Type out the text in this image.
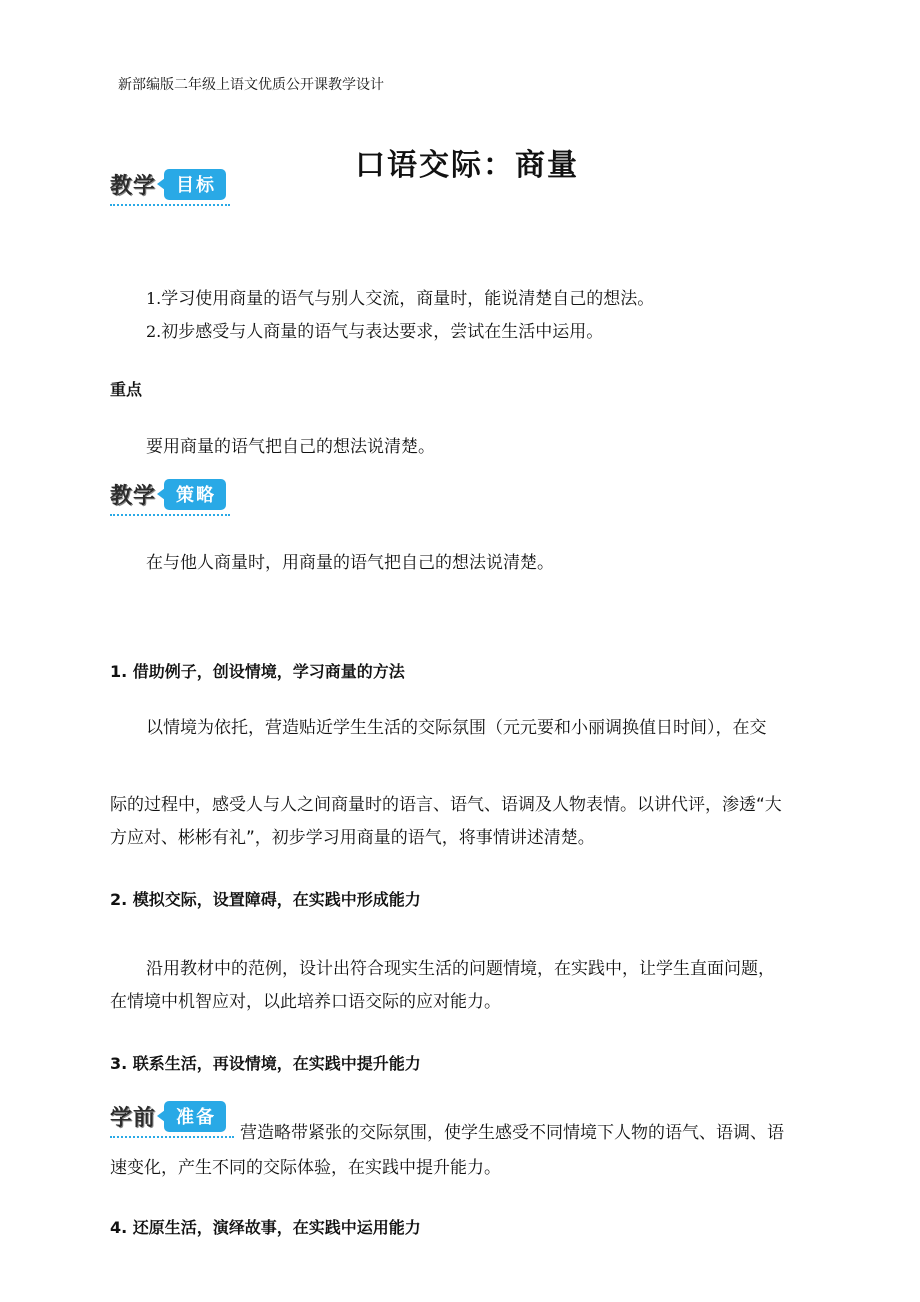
新部编版二年级上语文优质公开课教学设计
口语交际：商量
教学	目标
1.学习使用商量的语气与别人交流，商量时，能说清楚自己的想法。
2.初步感受与人商量的语气与表达要求，尝试在生活中运用。
重点
要用商量的语气把自己的想法说清楚。
教学	策略
在与他人商量时，用商量的语气把自己的想法说清楚。
1. 借助例子，创设情境，学习商量的方法
以情境为依托，营造贴近学生生活的交际氛围（元元要和小丽调换值日时间），在交
际的过程中，感受人与人之间商量时的语言、语气、语调及人物表情。以讲代评，渗透“大
方应对、彬彬有礼”，初步学习用商量的语气，将事情讲述清楚。
2. 模拟交际，设置障碍，在实践中形成能力
沿用教材中的范例，设计出符合现实生活的问题情境，在实践中，让学生直面问题，
在情境中机智应对，以此培养口语交际的应对能力。
3. 联系生活，再设情境，在实践中提升能力
学前	准备
营造略带紧张的交际氛围，使学生感受不同情境下人物的语气、语调、语
速变化，产生不同的交际体验，在实践中提升能力。
4. 还原生活，演绎故事，在实践中运用能力
